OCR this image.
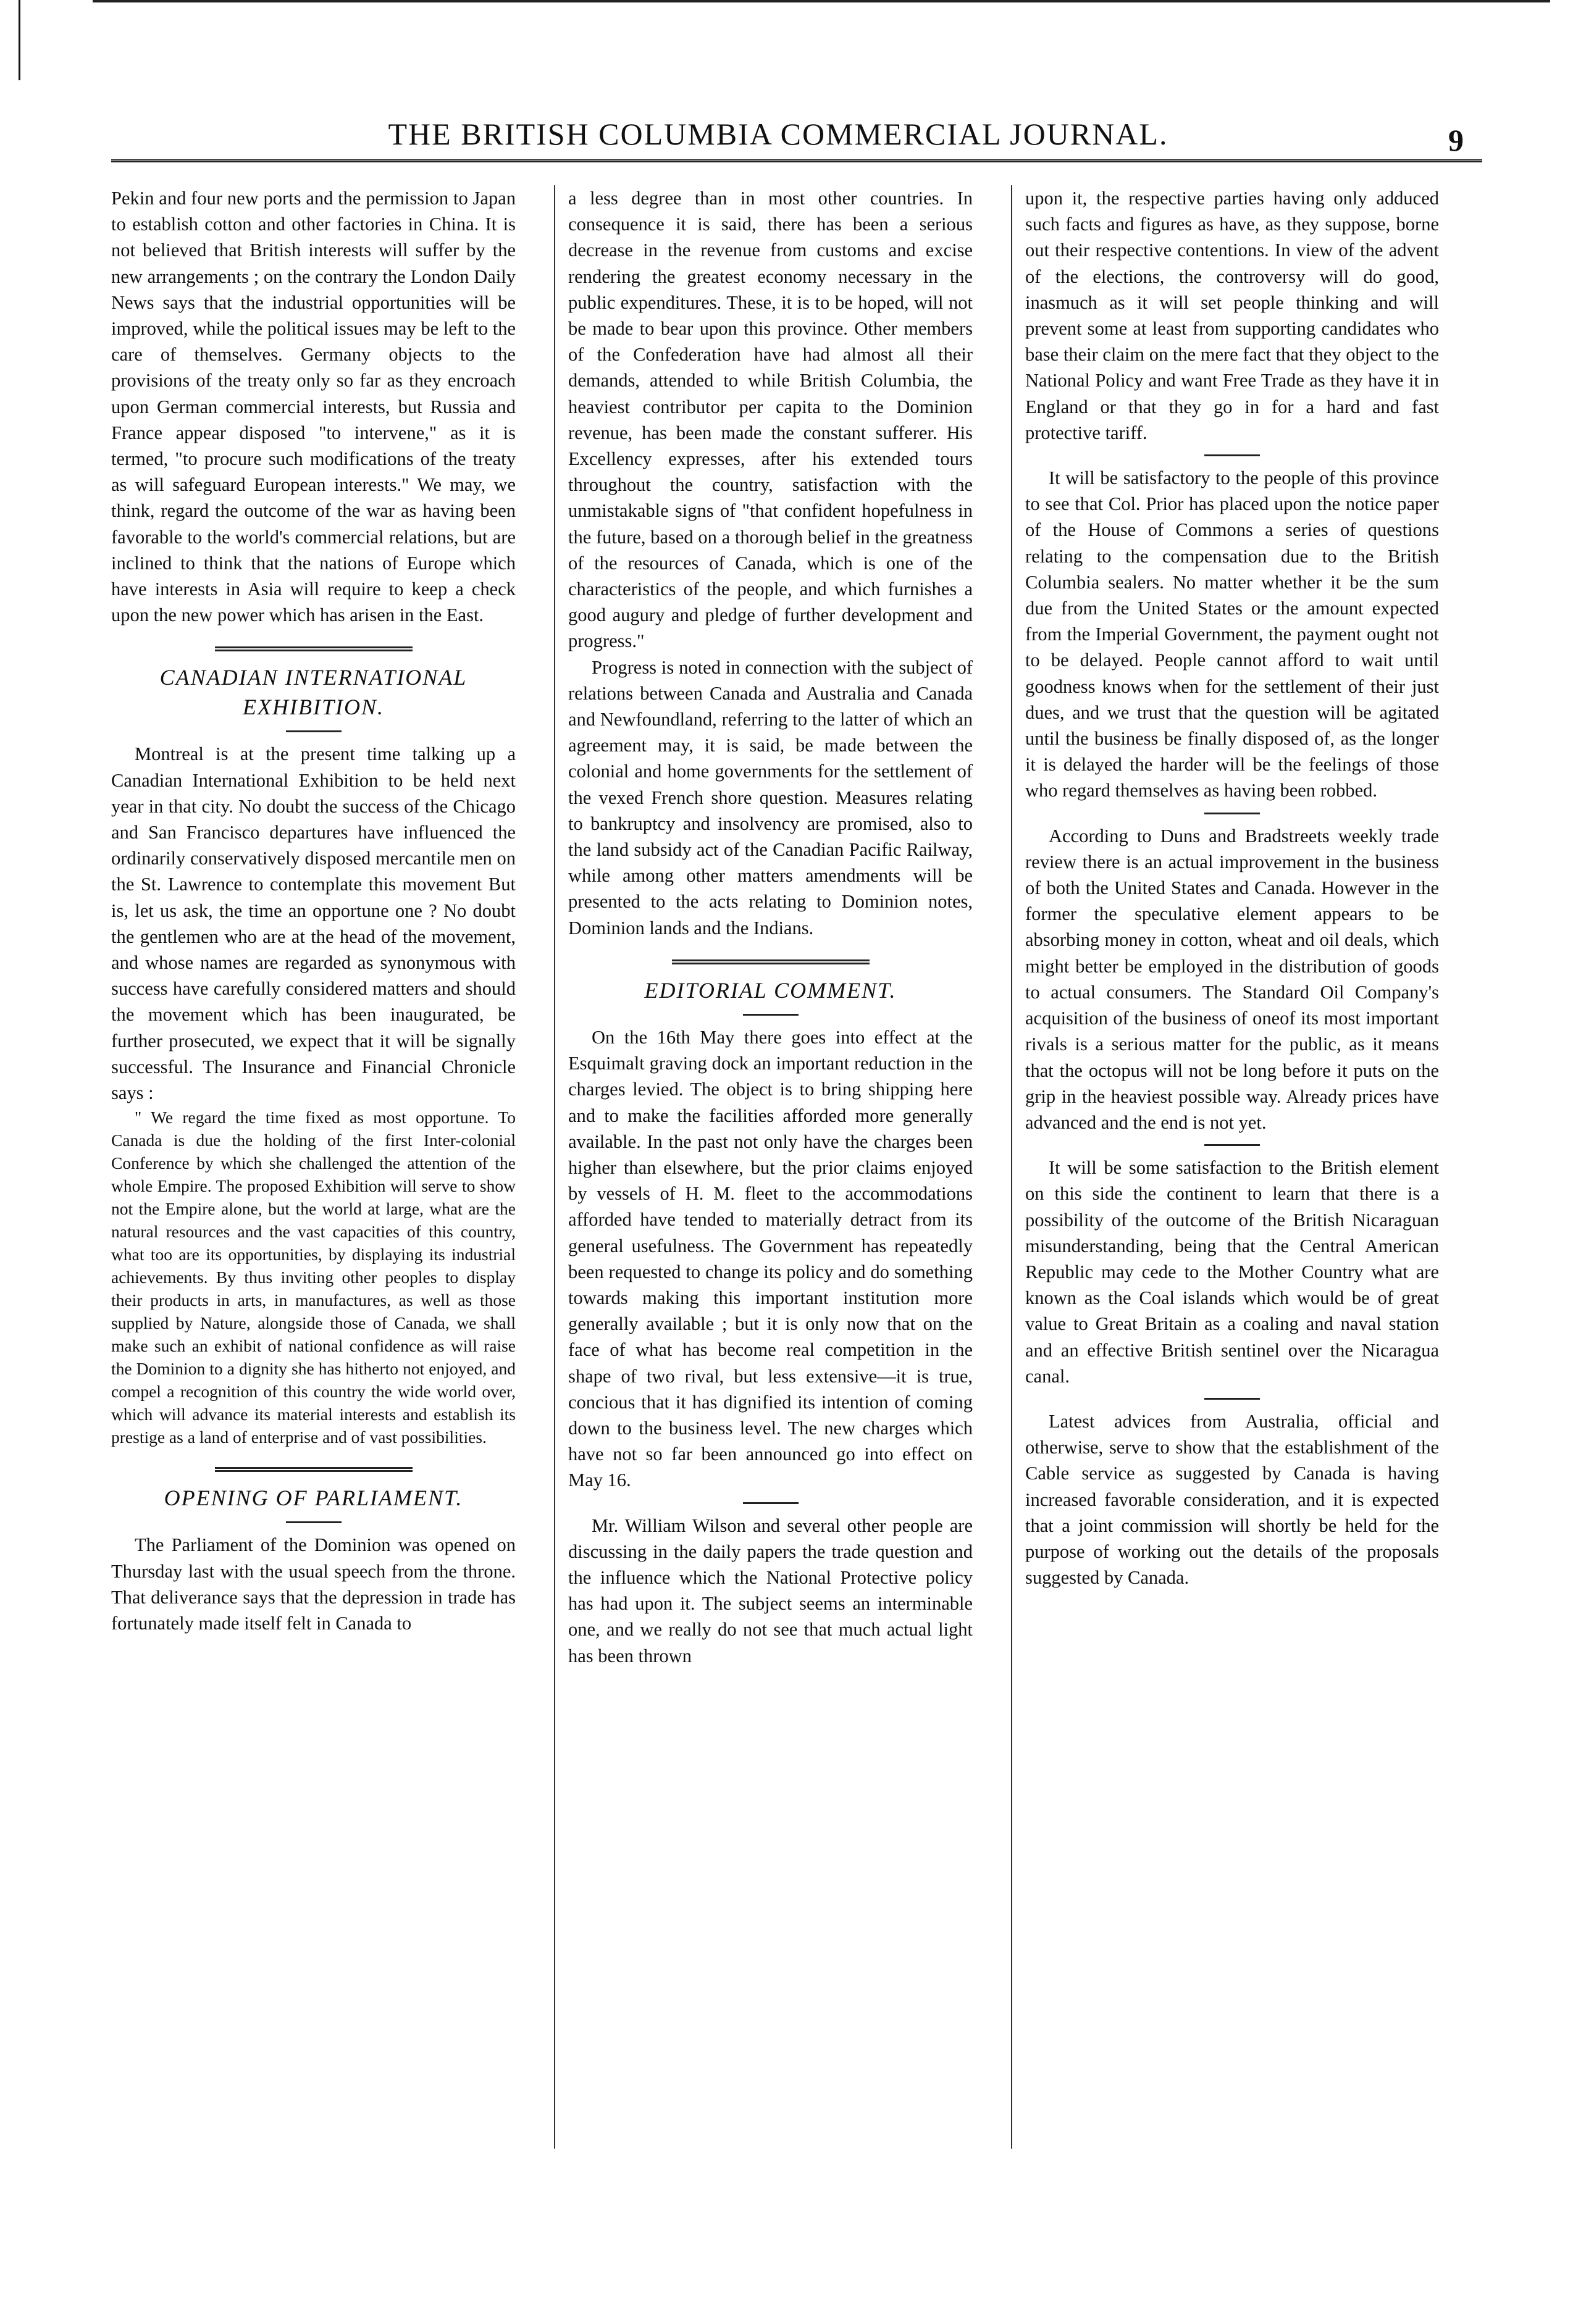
THE BRITISH COLUMBIA COMMERCIAL JOURNAL.	9

Pekin and four new ports and the permission to Japan to establish cotton and other factories in China. It is not believed that British interests will suffer by the new arrangements ; on the contrary the London Daily News says that the industrial opportunities will be improved, while the political issues may be left to the care of themselves. Germany objects to the provisions of the treaty only so far as they encroach upon German commercial interests, but Russia and France appear disposed "to intervene," as it is termed, "to procure such modifications of the treaty as will safeguard European interests." We may, we think, regard the outcome of the war as having been favorable to the world's commercial relations, but are inclined to think that the nations of Europe which have interests in Asia will require to keep a check upon the new power which has arisen in the East.

CANADIAN INTERNATIONAL EXHIBITION.

Montreal is at the present time talking up a Canadian International Exhibition to be held next year in that city. No doubt the success of the Chicago and San Francisco departures have influenced the ordinarily conservatively disposed mercantile men on the St. Lawrence to contemplate this movement But is, let us ask, the time an opportune one ? No doubt the gentlemen who are at the head of the movement, and whose names are regarded as synonymous with success have carefully considered matters and should the movement which has been inaugurated, be further prosecuted, we expect that it will be signally successful. The Insurance and Financial Chronicle says :

" We regard the time fixed as most opportune. To Canada is due the holding of the first Inter-colonial Conference by which she challenged the attention of the whole Empire. The proposed Exhibition will serve to show not the Empire alone, but the world at large, what are the natural resources and the vast capacities of this country, what too are its opportunities, by displaying its industrial achievements. By thus inviting other peoples to display their products in arts, in manufactures, as well as those supplied by Nature, alongside those of Canada, we shall make such an exhibit of national confidence as will raise the Dominion to a dignity she has hitherto not enjoyed, and compel a recognition of this country the wide world over, which will advance its material interests and establish its prestige as a land of enterprise and of vast possibilities.

OPENING OF PARLIAMENT.

The Parliament of the Dominion was opened on Thursday last with the usual speech from the throne. That deliverance says that the depression in trade has fortunately made itself felt in Canada to

a less degree than in most other countries. In consequence it is said, there has been a serious decrease in the revenue from customs and excise rendering the greatest economy necessary in the public expenditures. These, it is to be hoped, will not be made to bear upon this province. Other members of the Confederation have had almost all their demands, attended to while British Columbia, the heaviest contributor per capita to the Dominion revenue, has been made the constant sufferer. His Excellency expresses, after his extended tours throughout the country, satisfaction with the unmistakable signs of "that confident hopefulness in the future, based on a thorough belief in the greatness of the resources of Canada, which is one of the characteristics of the people, and which furnishes a good augury and pledge of further development and progress."

Progress is noted in connection with the subject of relations between Canada and Australia and Canada and Newfoundland, referring to the latter of which an agreement may, it is said, be made between the colonial and home governments for the settlement of the vexed French shore question. Measures relating to bankruptcy and insolvency are promised, also to the land subsidy act of the Canadian Pacific Railway, while among other matters amendments will be presented to the acts relating to Dominion notes, Dominion lands and the Indians.

EDITORIAL COMMENT.

On the 16th May there goes into effect at the Esquimalt graving dock an important reduction in the charges levied. The object is to bring shipping here and to make the facilities afforded more generally available. In the past not only have the charges been higher than elsewhere, but the prior claims enjoyed by vessels of H. M. fleet to the accommodations afforded have tended to materially detract from its general usefulness. The Government has repeatedly been requested to change its policy and do something towards making this important institution more generally available ; but it is only now that on the face of what has become real competition in the shape of two rival, but less extensive—it is true, concious that it has dignified its intention of coming down to the business level. The new charges which have not so far been announced go into effect on May 16.

Mr. William Wilson and several other people are discussing in the daily papers the trade question and the influence which the National Protective policy has had upon it. The subject seems an interminable one, and we really do not see that much actual light has been thrown

upon it, the respective parties having only adduced such facts and figures as have, as they suppose, borne out their respective contentions. In view of the advent of the elections, the controversy will do good, inasmuch as it will set people thinking and will prevent some at least from supporting candidates who base their claim on the mere fact that they object to the National Policy and want Free Trade as they have it in England or that they go in for a hard and fast protective tariff.

It will be satisfactory to the people of this province to see that Col. Prior has placed upon the notice paper of the House of Commons a series of questions relating to the compensation due to the British Columbia sealers. No matter whether it be the sum due from the United States or the amount expected from the Imperial Government, the payment ought not to be delayed. People cannot afford to wait until goodness knows when for the settlement of their just dues, and we trust that the question will be agitated until the business be finally disposed of, as the longer it is delayed the harder will be the feelings of those who regard themselves as having been robbed.

According to Duns and Bradstreets weekly trade review there is an actual improvement in the business of both the United States and Canada. However in the former the speculative element appears to be absorbing money in cotton, wheat and oil deals, which might better be employed in the distribution of goods to actual consumers. The Standard Oil Company's acquisition of the business of oneof its most important rivals is a serious matter for the public, as it means that the octopus will not be long before it puts on the grip in the heaviest possible way. Already prices have advanced and the end is not yet.

It will be some satisfaction to the British element on this side the continent to learn that there is a possibility of the outcome of the British Nicaraguan misunderstanding, being that the Central American Republic may cede to the Mother Country what are known as the Coal islands which would be of great value to Great Britain as a coaling and naval station and an effective British sentinel over the Nicaragua canal.

Latest advices from Australia, official and otherwise, serve to show that the establishment of the Cable service as suggested by Canada is having increased favorable consideration, and it is expected that a joint commission will shortly be held for the purpose of working out the details of the proposals suggested by Canada.
